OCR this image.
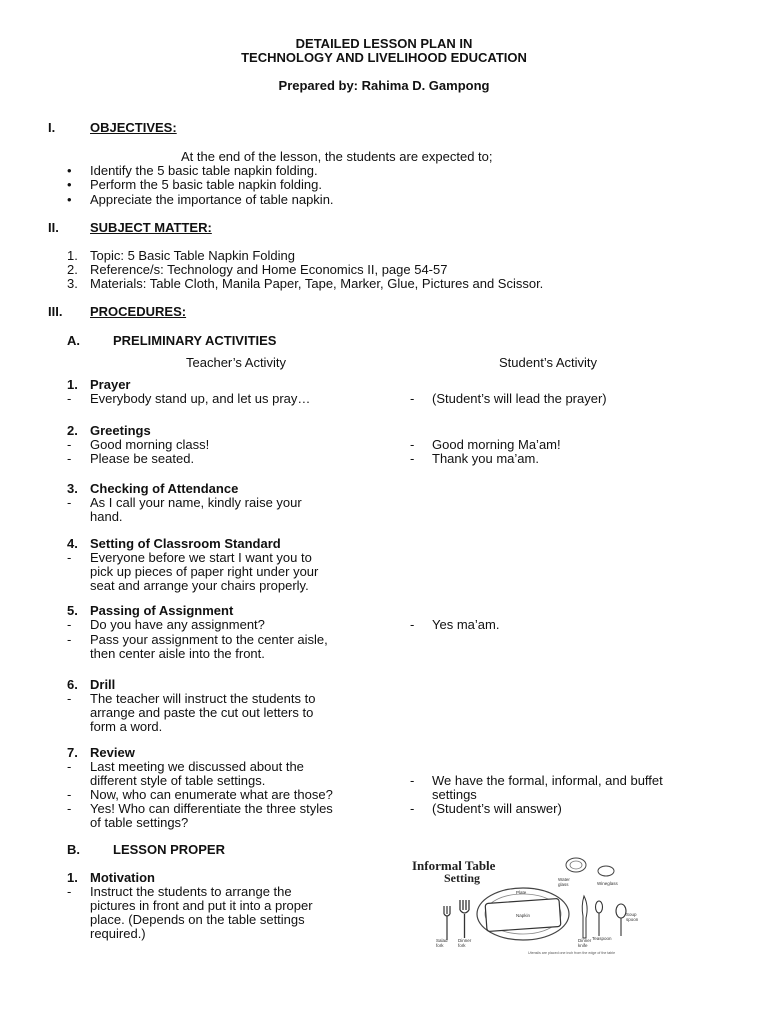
DETAILED LESSON PLAN IN
TECHNOLOGY AND LIVELIHOOD EDUCATION
Prepared by: Rahima D. Gampong
I.	OBJECTIVES:
At the end of the lesson, the students are expected to;
• Identify the 5 basic table napkin folding.
• Perform the 5 basic table napkin folding.
• Appreciate the importance of table napkin.
II. SUBJECT MATTER:
1. Topic: 5 Basic Table Napkin Folding
2. Reference/s: Technology and Home Economics II, page 54-57
3. Materials: Table Cloth, Manila Paper, Tape, Marker, Glue, Pictures and Scissor.
III. PROCEDURES:
A.	PRELIMINARY ACTIVITIES
Teacher’s Activity	Student’s Activity
1. Prayer
- Everybody stand up, and let us pray…	- (Student’s will lead the prayer)
2. Greetings
- Good morning class!	- Good morning Ma’am!
- Please be seated.	- Thank you ma’am.
3. Checking of Attendance
- As I call your name, kindly raise your
hand.
4. Setting of Classroom Standard
- Everyone before we start I want you to
pick up pieces of paper right under your
seat and arrange your chairs properly.
5. Passing of Assignment
- Do you have any assignment?	- Yes ma’am.
- Pass your assignment to the center aisle,
then center aisle into the front.
6. Drill
- The teacher will instruct the students to
arrange and paste the cut out letters to
form a word.
7. Review
- Last meeting we discussed about the
different style of table settings.	- We have the formal, informal, and buffet
- Now, who can enumerate what are those?	settings
- Yes! Who can differentiate the three styles	- (Student’s will answer)
of table settings?
B.	LESSON PROPER
1. Motivation
- Instruct the students to arrange the
pictures in front and put it into a proper
place. (Depends on the table settings
required.)
Informal Table
Setting	Water
glass	Wineglass
Plate
Napkin
Salad
fork
Dinner
fork
Dinner
knife
Teaspoon
Soup
spoon
Utensils are placed one inch from the edge of the table
